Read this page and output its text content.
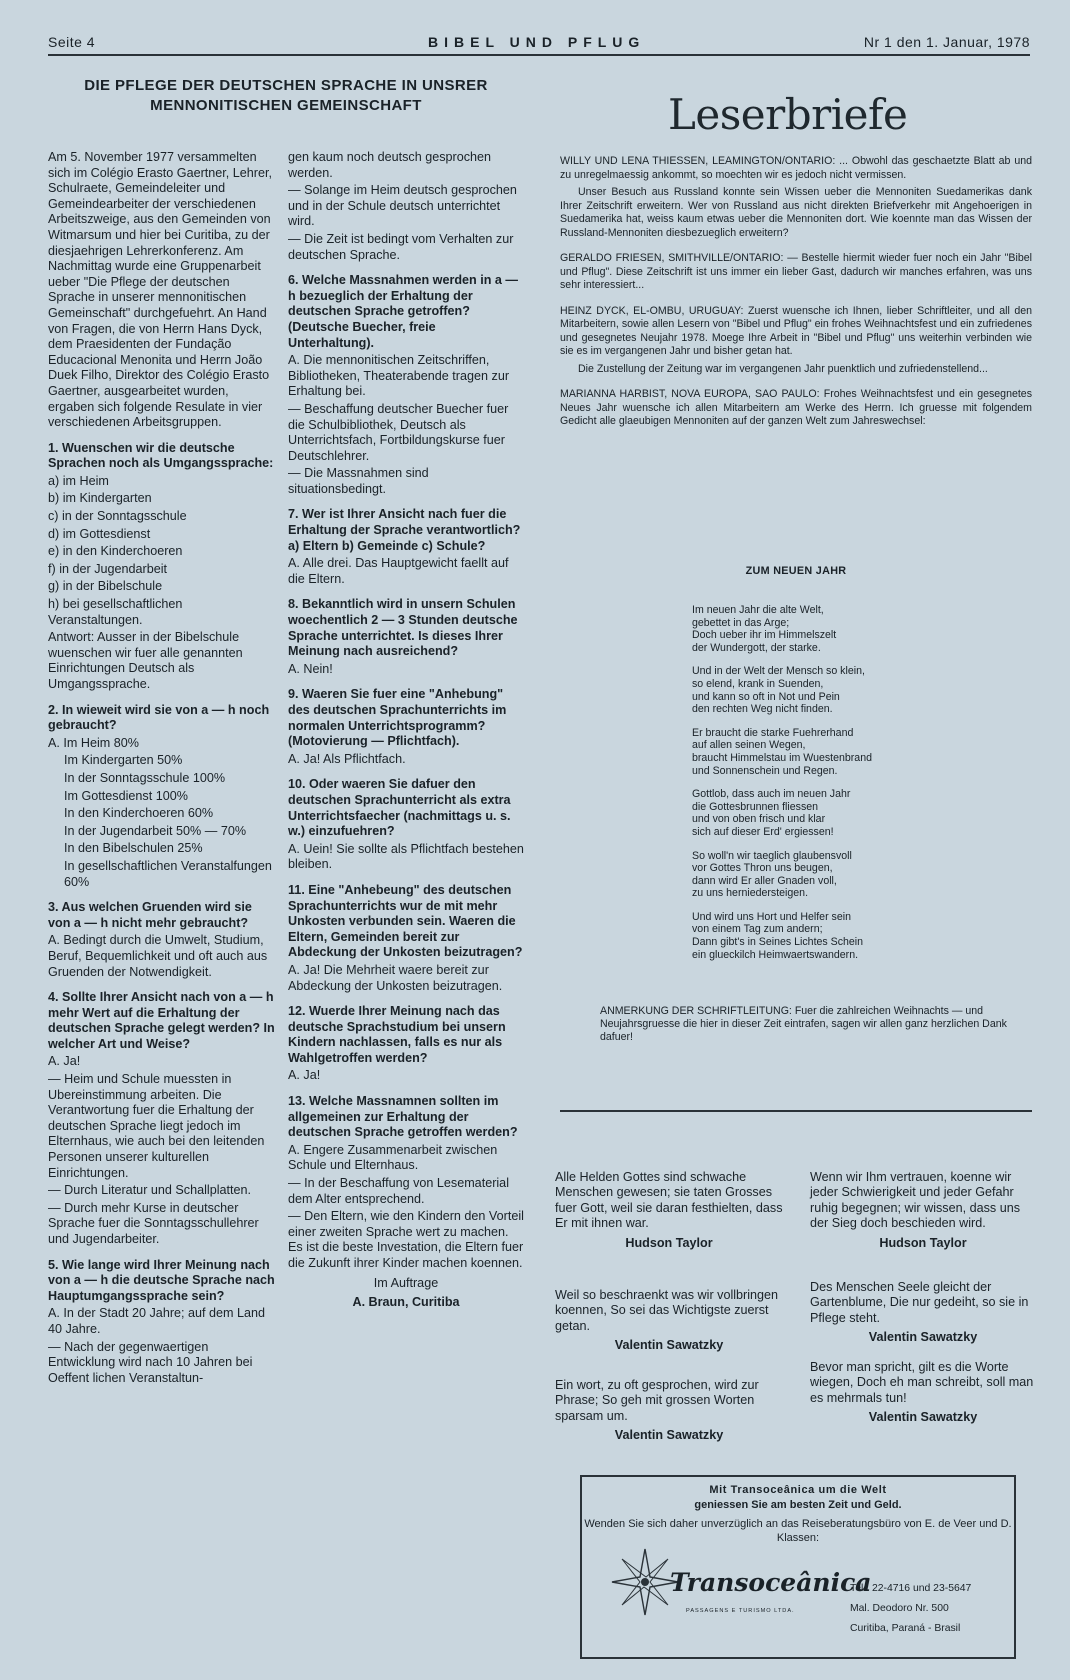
Seite 4	BIBEL UND PFLUG	Nr 1 den 1. Januar, 1978
DIE PFLEGE DER DEUTSCHEN SPRACHE IN UNSRER
MENNONITISCHEN GEMEINSCHAFT

Am 5. November 1977 versammelten sich im Colégio Erasto Gaertner, Lehrer, Schulraete, Gemeindeleiter und Gemeindearbeiter der verschiedenen Arbeitszweige, aus den Gemeinden von Witmarsum und hier bei Curitiba, zu der diesjaehrigen Lehrerkonferenz. Am Nachmittag wurde eine Gruppenarbeit ueber "Die Pflege der deutschen Sprache in unserer mennonitischen Gemeinschaft" durchgefuehrt. An Hand von Fragen, die von Herrn Hans Dyck, dem Praesidenten der Fundação Educacional Menonita und Herrn João Duek Filho, Direktor des Colégio Erasto Gaertner, ausgearbeitet wurden, ergaben sich folgende Resulate in vier verschiedenen Arbeitsgruppen.

1. Wuenschen wir die deutsche Sprachen noch als Umgangssprache:

a) im Heim

b) im Kindergarten

c) in der Sonntagsschule

d) im Gottesdienst

e) in den Kinderchoeren

f) in der Jugendarbeit

g) in der Bibelschule

h) bei gesellschaftlichen Veranstaltungen.

Antwort: Ausser in der Bibelschule wuenschen wir fuer alle genannten Einrichtungen Deutsch als Umgangssprache.

2. In wieweit wird sie von a — h noch gebraucht?

A. Im Heim 80%

Im Kindergarten 50%

In der Sonntagsschule 100%

Im Gottesdienst 100%

In den Kinderchoeren 60%

In der Jugendarbeit 50% — 70%

In den Bibelschulen 25%

In gesellschaftlichen Veranstalfungen 60%

3. Aus welchen Gruenden wird sie von a — h nicht mehr gebraucht?

A. Bedingt durch die Umwelt, Studium, Beruf, Bequemlichkeit und oft auch aus Gruenden der Notwendigkeit.

4. Sollte Ihrer Ansicht nach von a — h mehr Wert auf die Erhaltung der deutschen Sprache gelegt werden? In welcher Art und Weise?

A. Ja!

— Heim und Schule muessten in Ubereinstimmung arbeiten. Die Verantwortung fuer die Erhaltung der deutschen Sprache liegt jedoch im Elternhaus, wie auch bei den leitenden Personen unserer kulturellen Einrichtungen.

— Durch Literatur und Schallplatten.

— Durch mehr Kurse in deutscher Sprache fuer die Sonntagsschullehrer und Jugendarbeiter.

5. Wie lange wird Ihrer Meinung nach von a — h die deutsche Sprache nach Hauptumgangssprache sein?

A. In der Stadt 20 Jahre; auf dem Land 40 Jahre.

— Nach der gegenwaertigen Entwicklung wird nach 10 Jahren bei Oeffent lichen Veranstaltun-

gen kaum noch deutsch gesprochen werden.

— Solange im Heim deutsch gesprochen und in der Schule deutsch unterrichtet wird.

— Die Zeit ist bedingt vom Verhalten zur deutschen Sprache.

6. Welche Massnahmen werden in a — h bezueglich der Erhaltung der deutschen Sprache getroffen? (Deutsche Buecher, freie Unterhaltung).

A. Die mennonitischen Zeitschriffen, Bibliotheken, Theaterabende tragen zur Erhaltung bei.

— Beschaffung deutscher Buecher fuer die Schulbibliothek, Deutsch als Unterrichtsfach, Fortbildungskurse fuer Deutschlehrer.

— Die Massnahmen sind situationsbedingt.

7. Wer ist Ihrer Ansicht nach fuer die Erhaltung der Sprache verantwortlich? a) Eltern b) Gemeinde c) Schule?

A. Alle drei. Das Hauptgewicht faellt auf die Eltern.

8. Bekanntlich wird in unsern Schulen woechentlich 2 — 3 Stunden deutsche Sprache unterrichtet. Is dieses Ihrer Meinung nach ausreichend?

A. Nein!

9. Waeren Sie fuer eine "Anhebung" des deutschen Sprachunterrichts im normalen Unterrichtsprogramm? (Motovierung — Pflichtfach).

A. Ja! Als Pflichtfach.

10. Oder waeren Sie dafuer den deutschen Sprachunterricht als extra Unterrichtsfaecher (nachmittags u. s. w.) einzufuehren?

A. Uein! Sie sollte als Pflichtfach bestehen bleiben.

11. Eine "Anhebeung" des deutschen Sprachunterrichts wur de mit mehr Unkosten verbunden sein. Waeren die Eltern, Gemeinden bereit zur Abdeckung der Unkosten beizutragen?

A. Ja! Die Mehrheit waere bereit zur Abdeckung der Unkosten beizutragen.

12. Wuerde Ihrer Meinung nach das deutsche Sprachstudium bei unsern Kindern nachlassen, falls es nur als Wahlgetroffen werden?

A. Ja!

13. Welche Massnamnen sollten im allgemeinen zur Erhaltung der deutschen Sprache getroffen werden?

A. Engere Zusammenarbeit zwischen Schule und Elternhaus.

— In der Beschaffung von Lesematerial dem Alter entsprechend.

— Den Eltern, wie den Kindern den Vorteil einer zweiten Sprache wert zu machen. Es ist die beste Investation, die Eltern fuer die Zukunft ihrer Kinder machen koennen.

Im Auftrage

A. Braun, Curitiba

Leserbriefe

WILLY UND LENA THIESSEN, LEAMINGTON/ONTARIO: ... Obwohl das geschaetzte Blatt ab und zu unregelmaessig ankommt, so moechten wir es jedoch nicht vermissen.

Unser Besuch aus Russland konnte sein Wissen ueber die Mennoniten Suedamerikas dank Ihrer Zeitschrift erweitern. Wer von Russland aus nicht direkten Briefverkehr mit Angehoerigen in Suedamerika hat, weiss kaum etwas ueber die Mennoniten dort. Wie koennte man das Wissen der Russland-Mennoniten diesbezueglich erweitern?

GERALDO FRIESEN, SMITHVILLE/ONTARIO: — Bestelle hiermit wieder fuer noch ein Jahr "Bibel und Pflug". Diese Zeitschrift ist uns immer ein lieber Gast, dadurch wir manches erfahren, was uns sehr interessiert...

HEINZ DYCK, EL-OMBU, URUGUAY: Zuerst wuensche ich Ihnen, lieber Schriftleiter, und all den Mitarbeitern, sowie allen Lesern von "Bibel und Pflug" ein frohes Weihnachtsfest und ein zufriedenes und gesegnetes Neujahr 1978. Moege Ihre Arbeit in "Bibel und Pflug" uns weiterhin verbinden wie sie es im vergangenen Jahr und bisher getan hat.

Die Zustellung der Zeitung war im vergangenen Jahr puenktlich und zufriedenstellend...

MARIANNA HARBIST, NOVA EUROPA, SAO PAULO: Frohes Weihnachtsfest und ein gesegnetes Neues Jahr wuensche ich allen Mitarbeitern am Werke des Herrn. Ich gruesse mit folgendem Gedicht alle glaeubigen Mennoniten auf der ganzen Welt zum Jahreswechsel:

ZUM NEUEN JAHR
Im neuen Jahr die alte Welt,
gebettet in das Arge;
Doch ueber ihr im Himmelszelt
der Wundergott, der starke.
Und in der Welt der Mensch so klein,
so elend, krank in Suenden,
und kann so oft in Not und Pein
den rechten Weg nicht finden.
Er braucht die starke Fuehrerhand
auf allen seinen Wegen,
braucht Himmelstau im Wuestenbrand
und Sonnenschein und Regen.
Gottlob, dass auch im neuen Jahr
die Gottesbrunnen fliessen
und von oben frisch und klar
sich auf dieser Erd' ergiessen!
So woll'n wir taeglich glaubensvoll
vor Gottes Thron uns beugen,
dann wird Er aller Gnaden voll,
zu uns herniedersteigen.
Und wird uns Hort und Helfer sein
von einem Tag zum andern;
Dann gibt's in Seines Lichtes Schein
ein glueckilch Heimwaertswandern.
ANMERKUNG DER SCHRIFTLEITUNG: Fuer die zahlreichen Weihnachts — und Neujahrsgruesse die hier in dieser Zeit eintrafen, sagen wir allen ganz herzlichen Dank dafuer!
Alle Helden Gottes sind schwache Menschen gewesen; sie taten Grosses fuer Gott, weil sie daran festhielten, dass Er mit ihnen war.
Hudson Taylor
Wenn wir Ihm vertrauen, koenne wir jeder Schwierigkeit und jeder Gefahr ruhig begegnen; wir wissen, dass uns der Sieg doch beschieden wird.
Hudson Taylor
Weil so beschraenkt was wir vollbringen koennen, So sei das Wichtigste zuerst getan.
Valentin Sawatzky
Des Menschen Seele gleicht der Gartenblume, Die nur gedeiht, so sie in Pflege steht.
Valentin Sawatzky
Ein wort, zu oft gesprochen, wird zur Phrase; So geh mit grossen Worten sparsam um.
Valentin Sawatzky
Bevor man spricht, gilt es die Worte wiegen, Doch eh man schreibt, soll man es mehrmals tun!
Valentin Sawatzky
Mit Transoceânica um die Welt
geniessen Sie am besten Zeit und Geld.
Wenden Sie sich daher unverzüglich an das Reiseberatungsbüro von E. de Veer und D. Klassen:
Transoceânica
PASSAGENS E TURISMO LTDA.
Tel.: 22-4716 und 23-5647
Mal. Deodoro Nr. 500
Curitiba, Paraná - Brasil
